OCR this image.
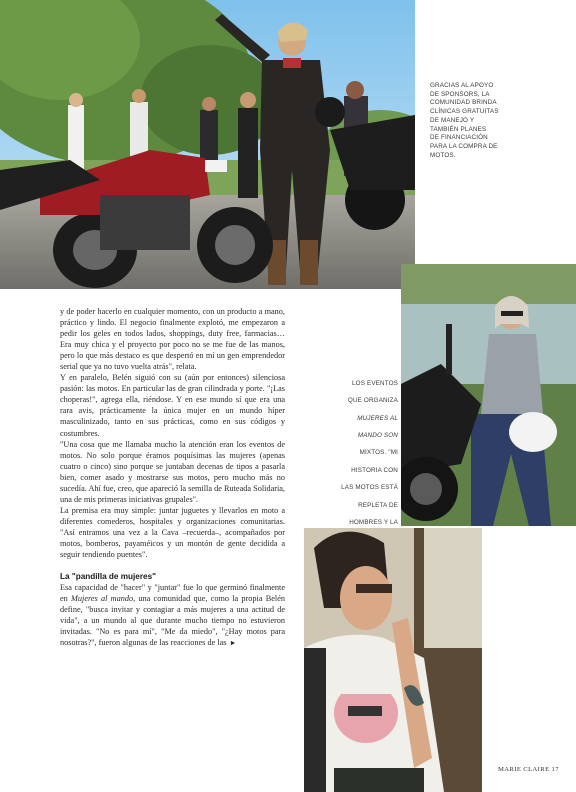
GRACIAS AL APOYO
DE SPONSORS, LA
COMUNIDAD BRINDA
CLÍNICAS GRATUITAS
DE MANEJO Y
TAMBIÉN PLANES
DE FINANCIACIÓN
PARA LA COMPRA DE
MOTOS.

LOS EVENTOS

QUE ORGANIZA

MUJERES AL

MANDO SON

MIXTOS. "MI

HISTORIA CON

LAS MOTOS ESTÁ

REPLETA DE

HOMBRES Y LA

y de poder hacerlo en cualquier momento, con un producto a mano, práctico y lindo. El negocio finalmente explotó, me empezaron a pedir los geles en todos lados, shoppings, duty free, farmacias… Era muy chica y el proyecto por poco no se me fue de las manos, pero lo que más destaco es que despertó en mí un gen emprendedor serial que ya no tuvo vuelta atrás", relata.

Y en paralelo, Belén siguió con su (aún por entonces) silenciosa pasión: las motos. En particular las de gran cilindrada y porte. "¡Las choperas!", agrega ella, riéndose. Y en ese mundo sí que era una rara avis, prácticamente la única mujer en un mundo híper masculinizado, tanto en sus prácticas, como en sus códigos y costumbres.

"Una cosa que me llamaba mucho la atención eran los eventos de motos. No solo porque éramos poquísimas las mujeres (apenas cuatro o cinco) sino porque se juntaban decenas de tipos a pasarla bien, comer asado y mostrarse sus motos, pero mucho más no sucedía. Ahí fue, creo, que apareció la semilla de Ruteada Solidaria, una de mis primeras iniciativas grupales".

La premisa era muy simple: juntar juguetes y llevarlos en moto a diferentes comederos, hospitales y organizaciones comunitarias. "Así entramos una vez a la Cava –recuerda–, acompañados por motos, bomberos, payaméicos y un montón de gente decidida a seguir tendiendo puentes".

La "pandilla de mujeres"

Esa capacidad de "hacer" y "juntar" fue lo que germinó finalmente en Mujeres al mando, una comunidad que, como la propia Belén define, "busca invitar y contagiar a más mujeres a una actitud de vida", a un mundo al que durante mucho tiempo no estuvieron invitadas. "No es para mí", "Me da miedo", "¿Hay motos para nosotras?", fueron algunas de las reacciones de las ►

MARIE CLAIRE 17
